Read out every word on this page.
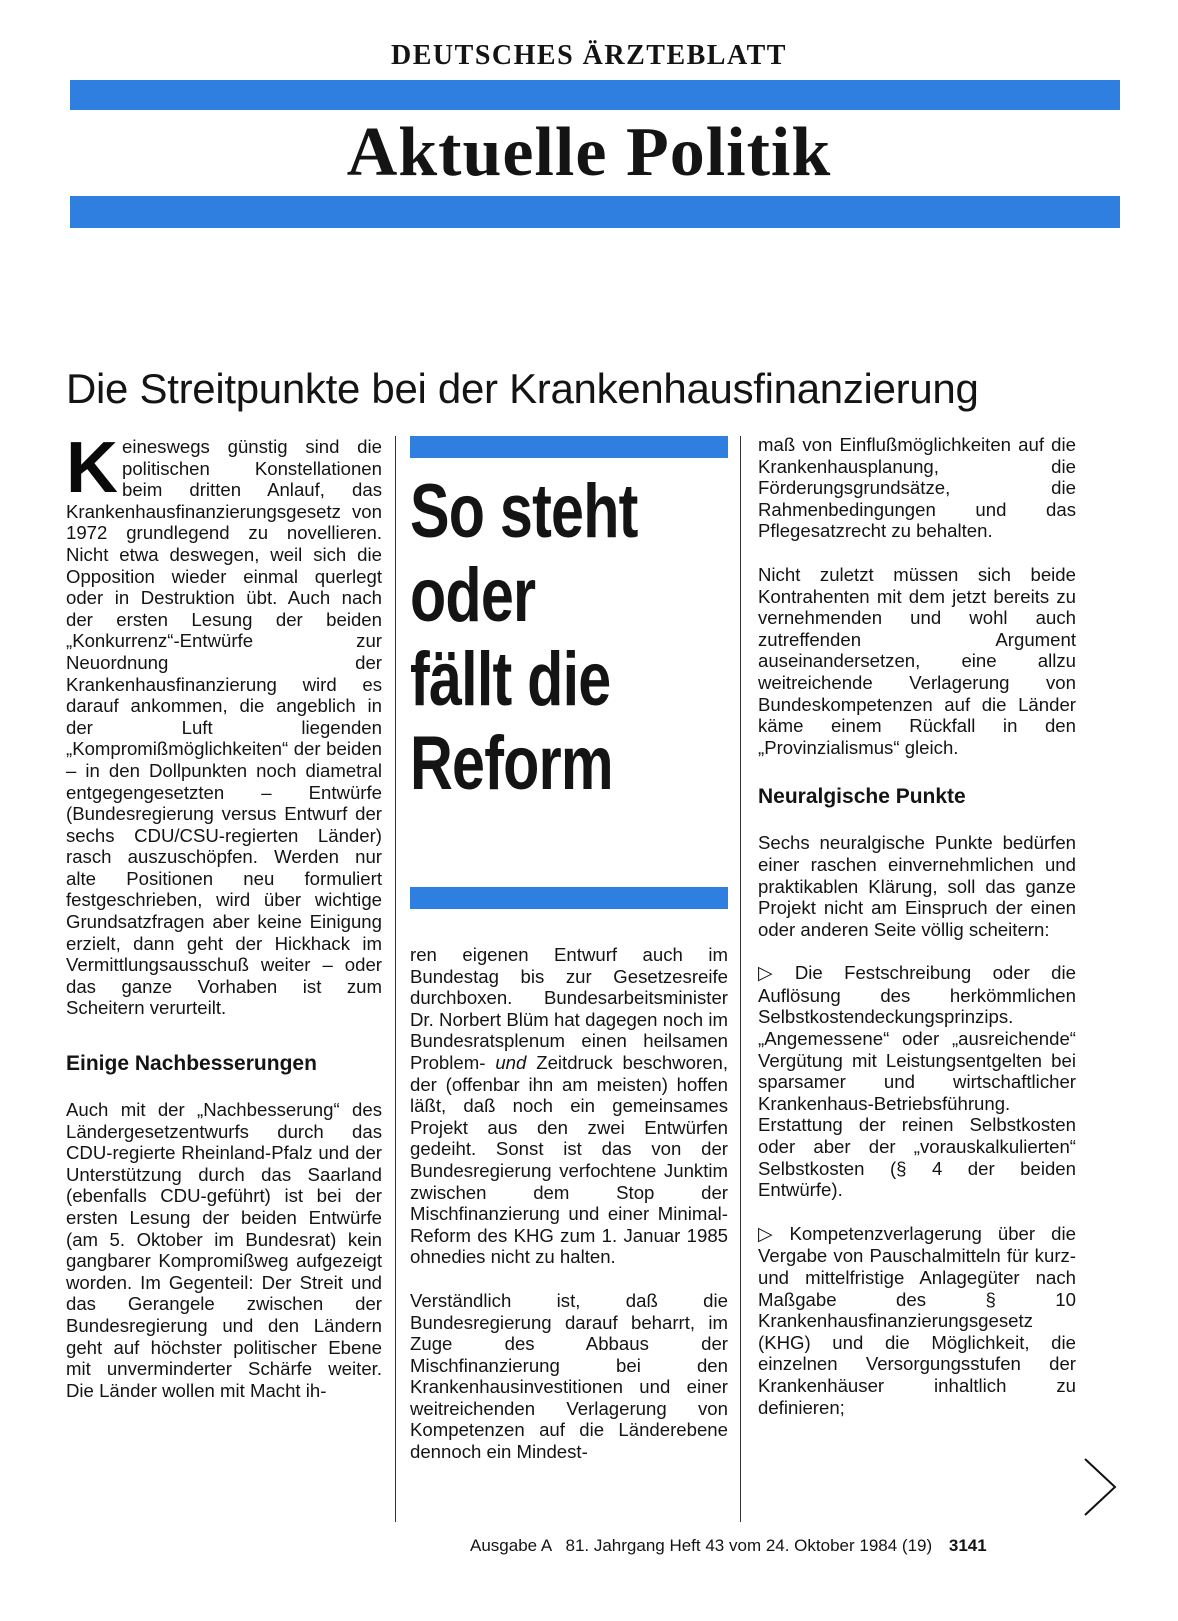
DEUTSCHES ÄRZTEBLATT
Aktuelle Politik
Die Streitpunkte bei der Krankenhausfinanzierung

Keineswegs günstig sind die politischen Konstellationen beim dritten Anlauf, das Krankenhausfinanzierungsgesetz von 1972 grundlegend zu novellieren. Nicht etwa deswegen, weil sich die Opposition wieder einmal querlegt oder in Destruktion übt. Auch nach der ersten Lesung der beiden „Konkurrenz“-Entwürfe zur Neuordnung der Krankenhausfinanzierung wird es darauf ankommen, die angeblich in der Luft liegenden „Kompromißmöglichkeiten“ der beiden – in den Dollpunkten noch diametral entgegengesetzten – Entwürfe (Bundesregierung versus Entwurf der sechs CDU/CSU-regierten Länder) rasch auszuschöpfen. Werden nur alte Positionen neu formuliert festgeschrieben, wird über wichtige Grundsatzfragen aber keine Einigung erzielt, dann geht der Hickhack im Vermittlungsausschuß weiter – oder das ganze Vorhaben ist zum Scheitern verurteilt.

Einige Nachbesserungen

Auch mit der „Nachbesserung“ des Ländergesetzentwurfs durch das CDU-regierte Rheinland-Pfalz und der Unterstützung durch das Saarland (ebenfalls CDU-geführt) ist bei der ersten Lesung der beiden Entwürfe (am 5. Oktober im Bundesrat) kein gangbarer Kompromißweg aufgezeigt worden. Im Gegenteil: Der Streit und das Gerangele zwischen der Bundesregierung und den Ländern geht auf höchster politischer Ebene mit unverminderter Schärfe weiter. Die Länder wollen mit Macht ih-

So steht
oder
fällt die
Reform

ren eigenen Entwurf auch im Bundestag bis zur Gesetzesreife durchboxen. Bundesarbeitsminister Dr. Norbert Blüm hat dagegen noch im Bundesratsplenum einen heilsamen Problem- und Zeitdruck beschworen, der (offenbar ihn am meisten) hoffen läßt, daß noch ein gemeinsames Projekt aus den zwei Entwürfen gedeiht. Sonst ist das von der Bundesregierung verfochtene Junktim zwischen dem Stop der Mischfinanzierung und einer Minimal-Reform des KHG zum 1. Januar 1985 ohnedies nicht zu halten.

Verständlich ist, daß die Bundesregierung darauf beharrt, im Zuge des Abbaus der Mischfinanzierung bei den Krankenhausinvestitionen und einer weitreichenden Verlagerung von Kompetenzen auf die Länderebene dennoch ein Mindest-

maß von Einflußmöglichkeiten auf die Krankenhausplanung, die Förderungsgrundsätze, die Rahmenbedingungen und das Pflegesatzrecht zu behalten.

Nicht zuletzt müssen sich beide Kontrahenten mit dem jetzt bereits zu vernehmenden und wohl auch zutreffenden Argument auseinandersetzen, eine allzu weitreichende Verlagerung von Bundeskompetenzen auf die Länder käme einem Rückfall in den „Provinzialismus“ gleich.

Neuralgische Punkte

Sechs neuralgische Punkte bedürfen einer raschen einvernehmlichen und praktikablen Klärung, soll das ganze Projekt nicht am Einspruch der einen oder anderen Seite völlig scheitern:

▷ Die Festschreibung oder die Auflösung des herkömmlichen Selbstkostendeckungsprinzips. „Angemessene“ oder „ausreichende“ Vergütung mit Leistungsentgelten bei sparsamer und wirtschaftlicher Krankenhaus-Betriebsführung. Erstattung der reinen Selbstkosten oder aber der „vorauskalkulierten“ Selbstkosten (§ 4 der beiden Entwürfe).

▷ Kompetenzverlagerung über die Vergabe von Pauschalmitteln für kurz- und mittelfristige Anlagegüter nach Maßgabe des § 10 Krankenhausfinanzierungsgesetz (KHG) und die Möglichkeit, die einzelnen Versorgungsstufen der Krankenhäuser inhaltlich zu definieren;

Ausgabe A 81. Jahrgang Heft 43 vom 24. Oktober 1984 (19) 3141
